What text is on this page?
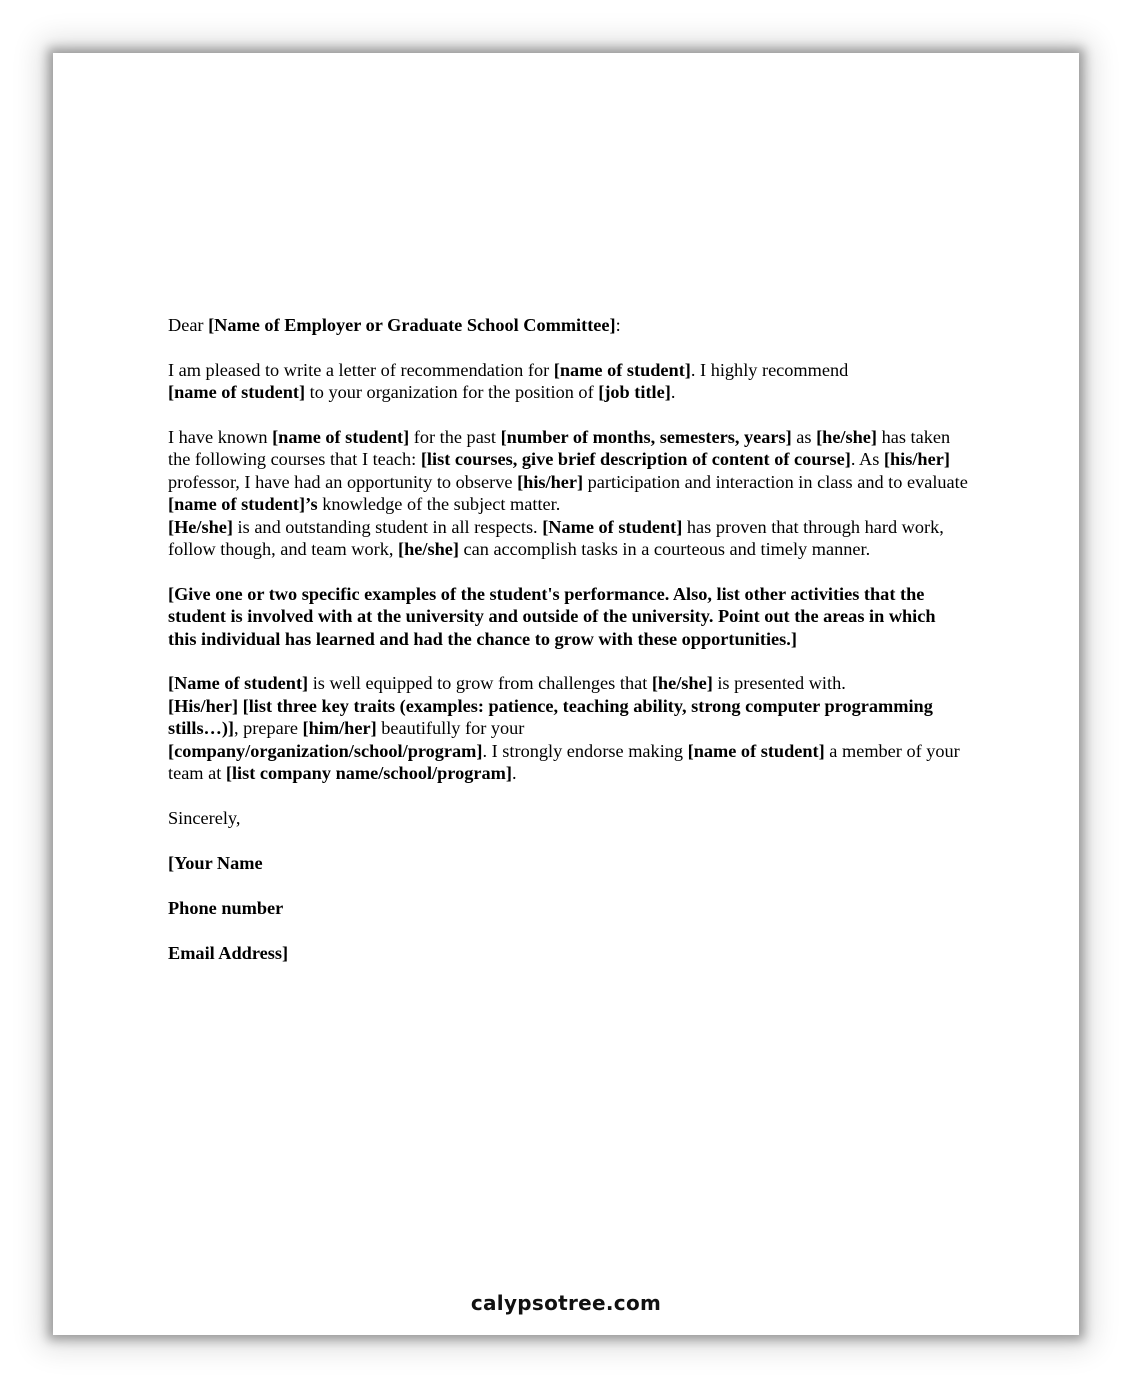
Dear [Name of Employer or Graduate School Committee]:

I am pleased to write a letter of recommendation for [name of student]. I highly recommend
[name of student] to your organization for the position of [job title].

I have known [name of student] for the past [number of months, semesters, years] as [he/she] has taken the following courses that I teach: [list courses, give brief description of content of course]. As [his/her] professor, I have had an opportunity to observe [his/her] participation and interaction in class and to evaluate [name of student]’s knowledge of the subject matter.
[He/she] is and outstanding student in all respects. [Name of student] has proven that through hard work, follow though, and team work, [he/she] can accomplish tasks in a courteous and timely manner.

[Give one or two specific examples of the student's performance. Also, list other activities that the student is involved with at the university and outside of the university. Point out the areas in which this individual has learned and had the chance to grow with these opportunities.]

[Name of student] is well equipped to grow from challenges that [he/she] is presented with.
[His/her] [list three key traits (examples: patience, teaching ability, strong computer programming stills…)], prepare [him/her] beautifully for your
[company/organization/school/program]. I strongly endorse making [name of student] a member of your team at [list company name/school/program].

Sincerely,

[Your Name

Phone number

Email Address]

calypsotree.com
